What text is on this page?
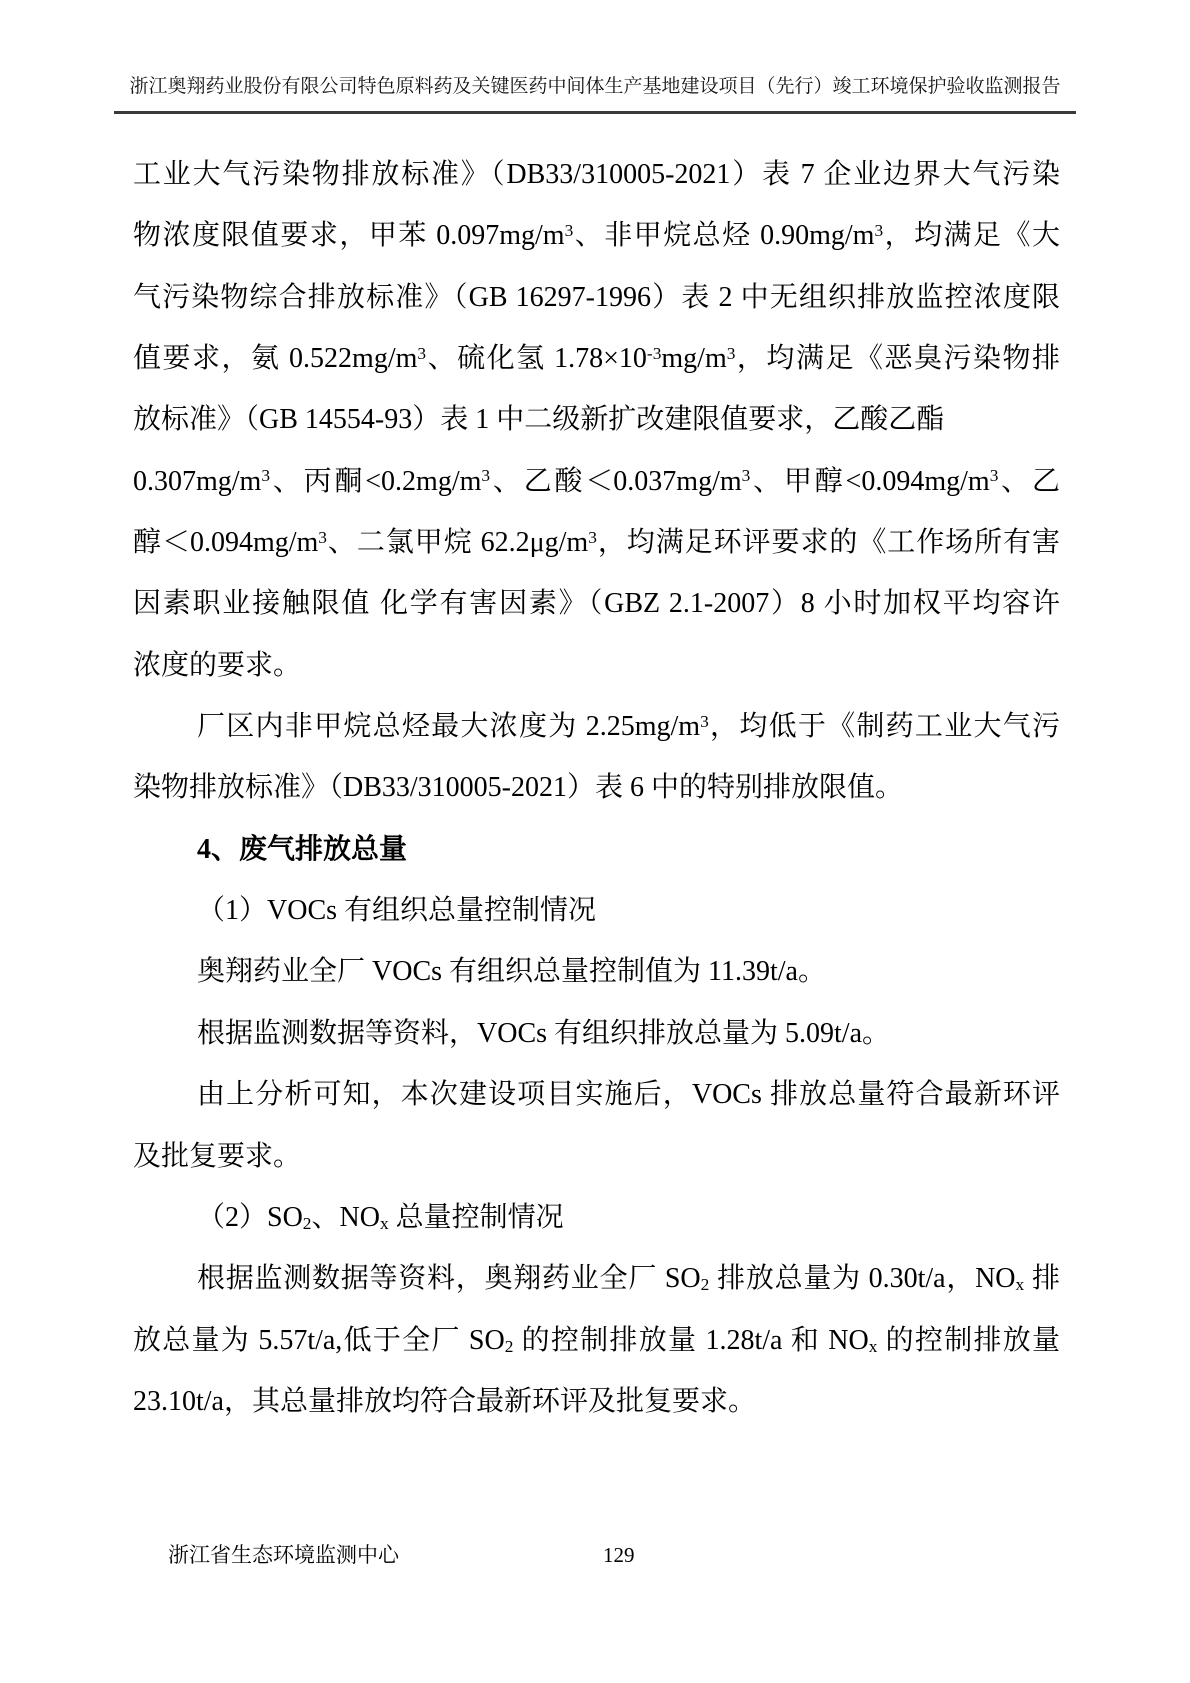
浙江奥翔药业股份有限公司特色原料药及关键医药中间体生产基地建设项目（先行）竣工环境保护验收监测报告
工业大气污染物排放标准》（DB33/310005-2021）表 7 企业边界大气污染
物浓度限值要求，甲苯 $0.097mg/m^3$、非甲烷总烃 $0.90mg/m^3$，均满足《大
气污染物综合排放标准》（GB 16297-1996）表 2 中无组织排放监控浓度限
值要求，氨 $0.522mg/m^3$、硫化氢 $1.78\times 10^{-3}mg/m^3$，均满足《恶臭污染物排
放标准》（GB 14554-93）表 1 中二级新扩改建限值要求，乙酸乙酯
$0.307mg/m^3$、丙酮$<0.2mg/m^3$、乙酸$<0.037mg/m^3$、甲醇$<0.094mg/m^3$、乙
醇$<0.094mg/m^3$、二氯甲烷 $62.2\mu g/m^3$，均满足环评要求的《工作场所有害
因素职业接触限值 化学有害因素》（GBZ 2.1-2007）8 小时加权平均容许
浓度的要求。
厂区内非甲烷总烃最大浓度为 $2.25mg/m^3$，均低于《制药工业大气污
染物排放标准》（DB33/310005-2021）表 6 中的特别排放限值。
4、废气排放总量
（1）VOCs 有组织总量控制情况
奥翔药业全厂 VOCs 有组织总量控制值为 11.39t/a。
根据监测数据等资料，VOCs 有组织排放总量为 5.09t/a。
由上分析可知，本次建设项目实施后，VOCs 排放总量符合最新环评
及批复要求。
$(2)SO_2$、$NO_x$ 总量控制情况
根据监测数据等资料，奥翔药业全厂 $SO_2$ 排放总量为 0.30t/a，$NO_x$ 排
放总量为 5.57t/a,低于全厂 $SO_2$ 的控制排放量 1.28t/a 和 $NO_x$ 的控制排放量
23.10t/a，其总量排放均符合最新环评及批复要求。
浙江省生态环境监测中心	129
